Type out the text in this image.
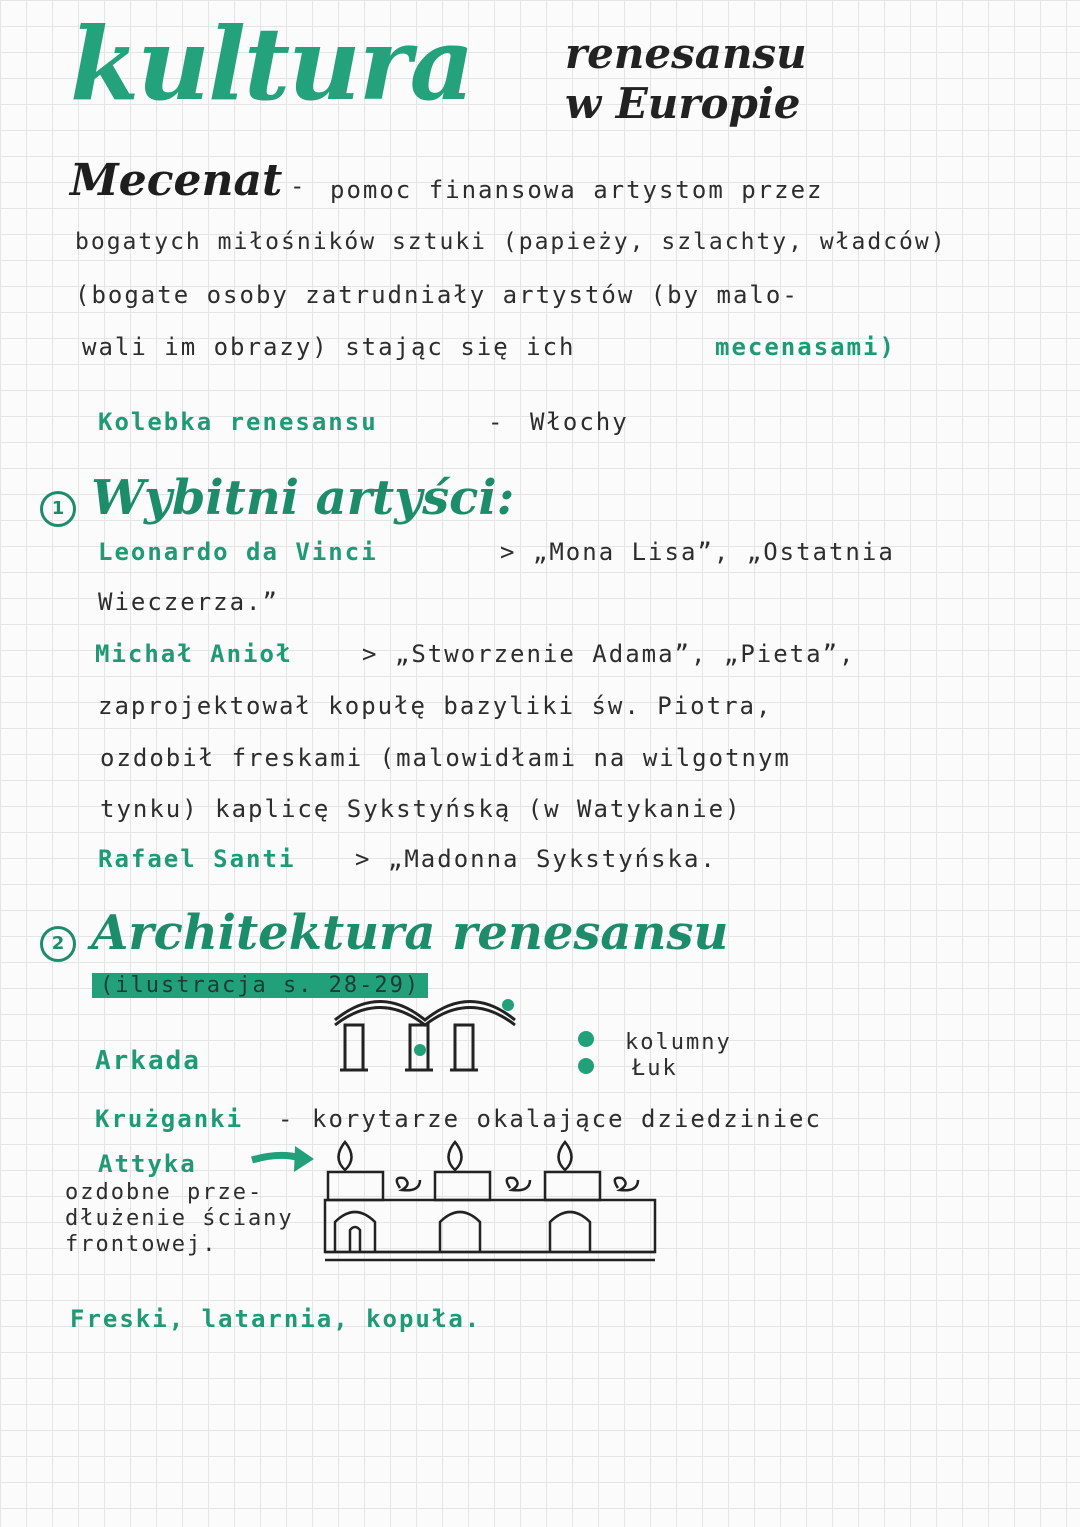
kultura renesansu
w Europie
Mecenat - pomoc finansowa artystom przez
bogatych miłośników sztuki (papieży, szlachty, władców)
(bogate osoby zatrudniały artystów (by malo-
wali im obrazy) stając się ich	mecenasami)
Kolebka renesansu	- Włochy
1 Wybitni artyści:
Leonardo da Vinci	> „Mona Lisa”, „Ostatnia
Wieczerza.”
Michał Anioł	> „Stworzenie Adama”, „Pieta”,
zaprojektował kopułę bazyliki św. Piotra,
ozdobił freskami (malowidłami na wilgotnym
tynku) kaplicę Sykstyńską (w Watykanie)
Rafael Santi > „Madonna Sykstyńska.
2 Architektura renesansu
(ilustracja s. 28-29)
Arkada
kolumny
Łuk
Krużganki - korytarze okalające dziedziniec
Attyka
ozdobne prze-
dłużenie ściany
frontowej.
Freski, latarnia, kopuła.
